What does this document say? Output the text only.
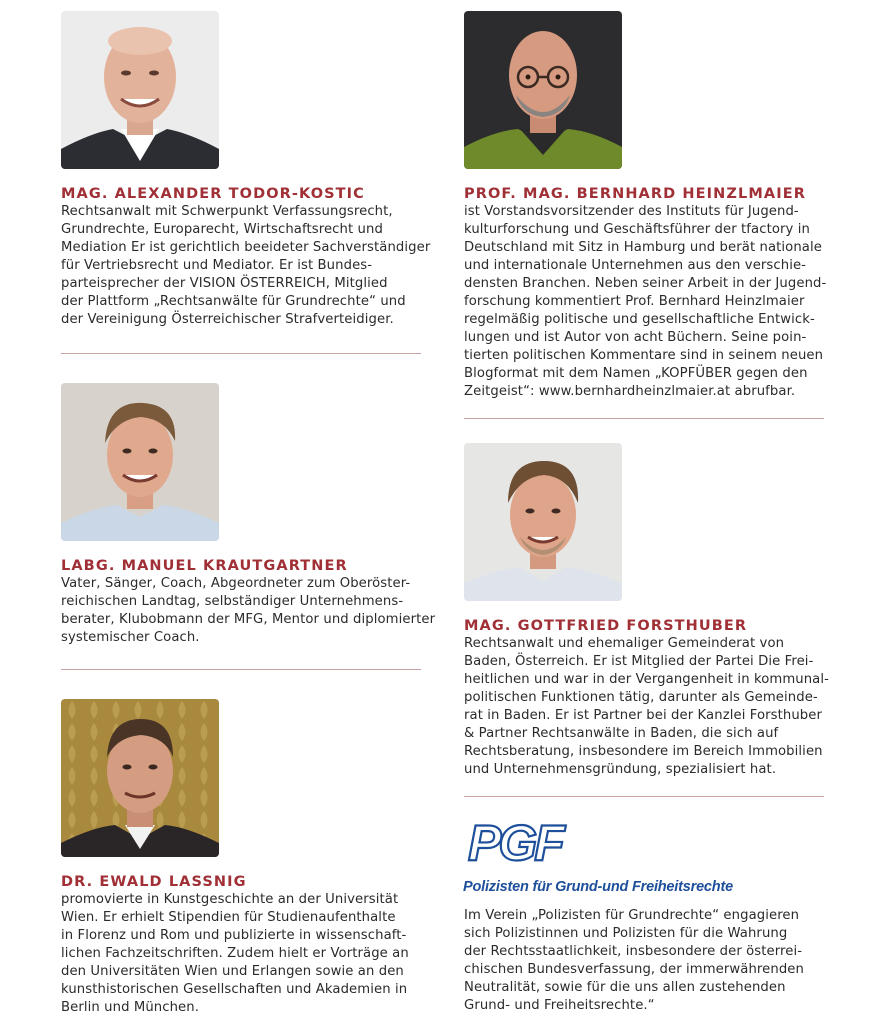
MAG. ALEXANDER TODOR-KOSTIC
Rechtsanwalt mit Schwerpunkt Verfassungsrecht,
Grundrechte, Europarecht, Wirtschaftsrecht und
Mediation Er ist gerichtlich beeideter Sachverständiger
für Vertriebsrecht und Mediator. Er ist Bundes-
parteisprecher der VISION ÖSTERREICH, Mitglied
der Plattform „Rechtsanwälte für Grundrechte“ und
der Vereinigung Österreichischer Strafverteidiger.
LABG. MANUEL KRAUTGARTNER
Vater, Sänger, Coach, Abgeordneter zum Oberöster-
reichischen Landtag, selbständiger Unternehmens-
berater, Klubobmann der MFG, Mentor und diplomierter
systemischer Coach.
DR. EWALD LASSNIG
promovierte in Kunstgeschichte an der Universität
Wien. Er erhielt Stipendien für Studienaufenthalte
in Florenz und Rom und publizierte in wissenschaft-
lichen Fachzeitschriften. Zudem hielt er Vorträge an
den Universitäten Wien und Erlangen sowie an den
kunsthistorischen Gesellschaften und Akademien in
Berlin und München.
PROF. MAG. BERNHARD HEINZLMAIER
ist Vorstandsvorsitzender des Instituts für Jugend-
kulturforschung und Geschäftsführer der tfactory in
Deutschland mit Sitz in Hamburg und berät nationale
und internationale Unternehmen aus den verschie-
densten Branchen. Neben seiner Arbeit in der Jugend-
forschung kommentiert Prof. Bernhard Heinzlmaier
regelmäßig politische und gesellschaftliche Entwick-
lungen und ist Autor von acht Büchern. Seine poin-
tierten politischen Kommentare sind in seinem neuen
Blogformat mit dem Namen „KOPFÜBER gegen den
Zeitgeist“: www.bernhardheinzlmaier.at abrufbar.
MAG. GOTTFRIED FORSTHUBER
Rechtsanwalt und ehemaliger Gemeinderat von
Baden, Österreich. Er ist Mitglied der Partei Die Frei-
heitlichen und war in der Vergangenheit in kommunal-
politischen Funktionen tätig, darunter als Gemeinde-
rat in Baden. Er ist Partner bei der Kanzlei Forsthuber
& Partner Rechtsanwälte in Baden, die sich auf
Rechtsberatung, insbesondere im Bereich Immobilien
und Unternehmensgründung, spezialisiert hat.
PGF
Polizisten für Grund-und Freiheitsrechte
Im Verein „Polizisten für Grundrechte“ engagieren
sich Polizistinnen und Polizisten für die Wahrung
der Rechtsstaatlichkeit, insbesondere der österrei-
chischen Bundesverfassung, der immerwährenden
Neutralität, sowie für die uns allen zustehenden
Grund- und Freiheitsrechte.“
